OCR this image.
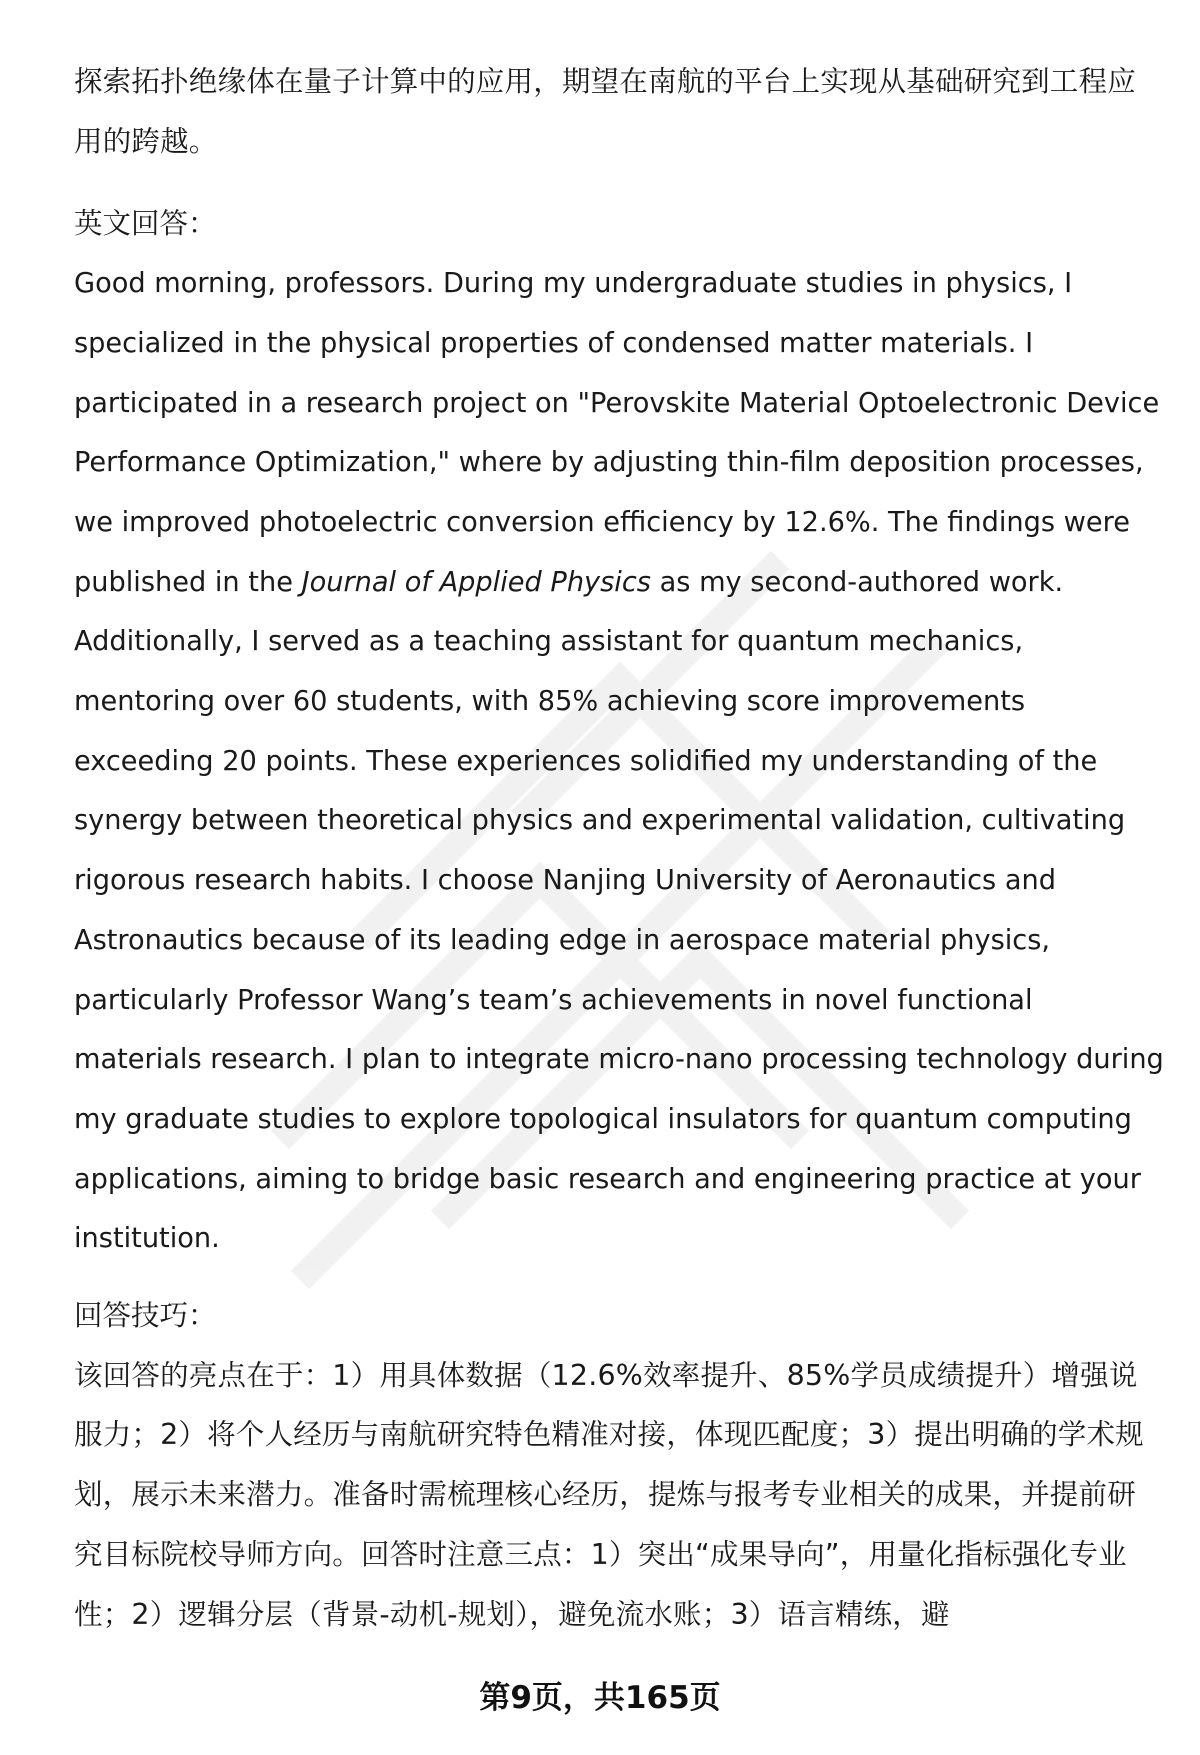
探索拓扑绝缘体在量子计算中的应用，期望在南航的平台上实现从基础研究到工程应用的跨越。

英文回答：

Good morning, professors. During my undergraduate studies in physics, I specialized in the physical properties of condensed matter materials. I participated in a research project on "Perovskite Material Optoelectronic Device Performance Optimization," where by adjusting thin-film deposition processes, we improved photoelectric conversion efficiency by 12.6%. The findings were published in the Journal of Applied Physics as my second-authored work. Additionally, I served as a teaching assistant for quantum mechanics, mentoring over 60 students, with 85% achieving score improvements exceeding 20 points. These experiences solidified my understanding of the synergy between theoretical physics and experimental validation, cultivating rigorous research habits. I choose Nanjing University of Aeronautics and Astronautics because of its leading edge in aerospace material physics, particularly Professor Wang’s team’s achievements in novel functional materials research. I plan to integrate micro-nano processing technology during my graduate studies to explore topological insulators for quantum computing applications, aiming to bridge basic research and engineering practice at your institution.

回答技巧：

该回答的亮点在于：1）用具体数据（12.6%效率提升、85%学员成绩提升）增强说服力；2）将个人经历与南航研究特色精准对接，体现匹配度；3）提出明确的学术规划，展示未来潜力。准备时需梳理核心经历，提炼与报考专业相关的成果，并提前研究目标院校导师方向。回答时注意三点：1）突出“成果导向”，用量化指标强化专业性；2）逻辑分层（背景-动机-规划），避免流水账；3）语言精练，避

第9页，共165页
